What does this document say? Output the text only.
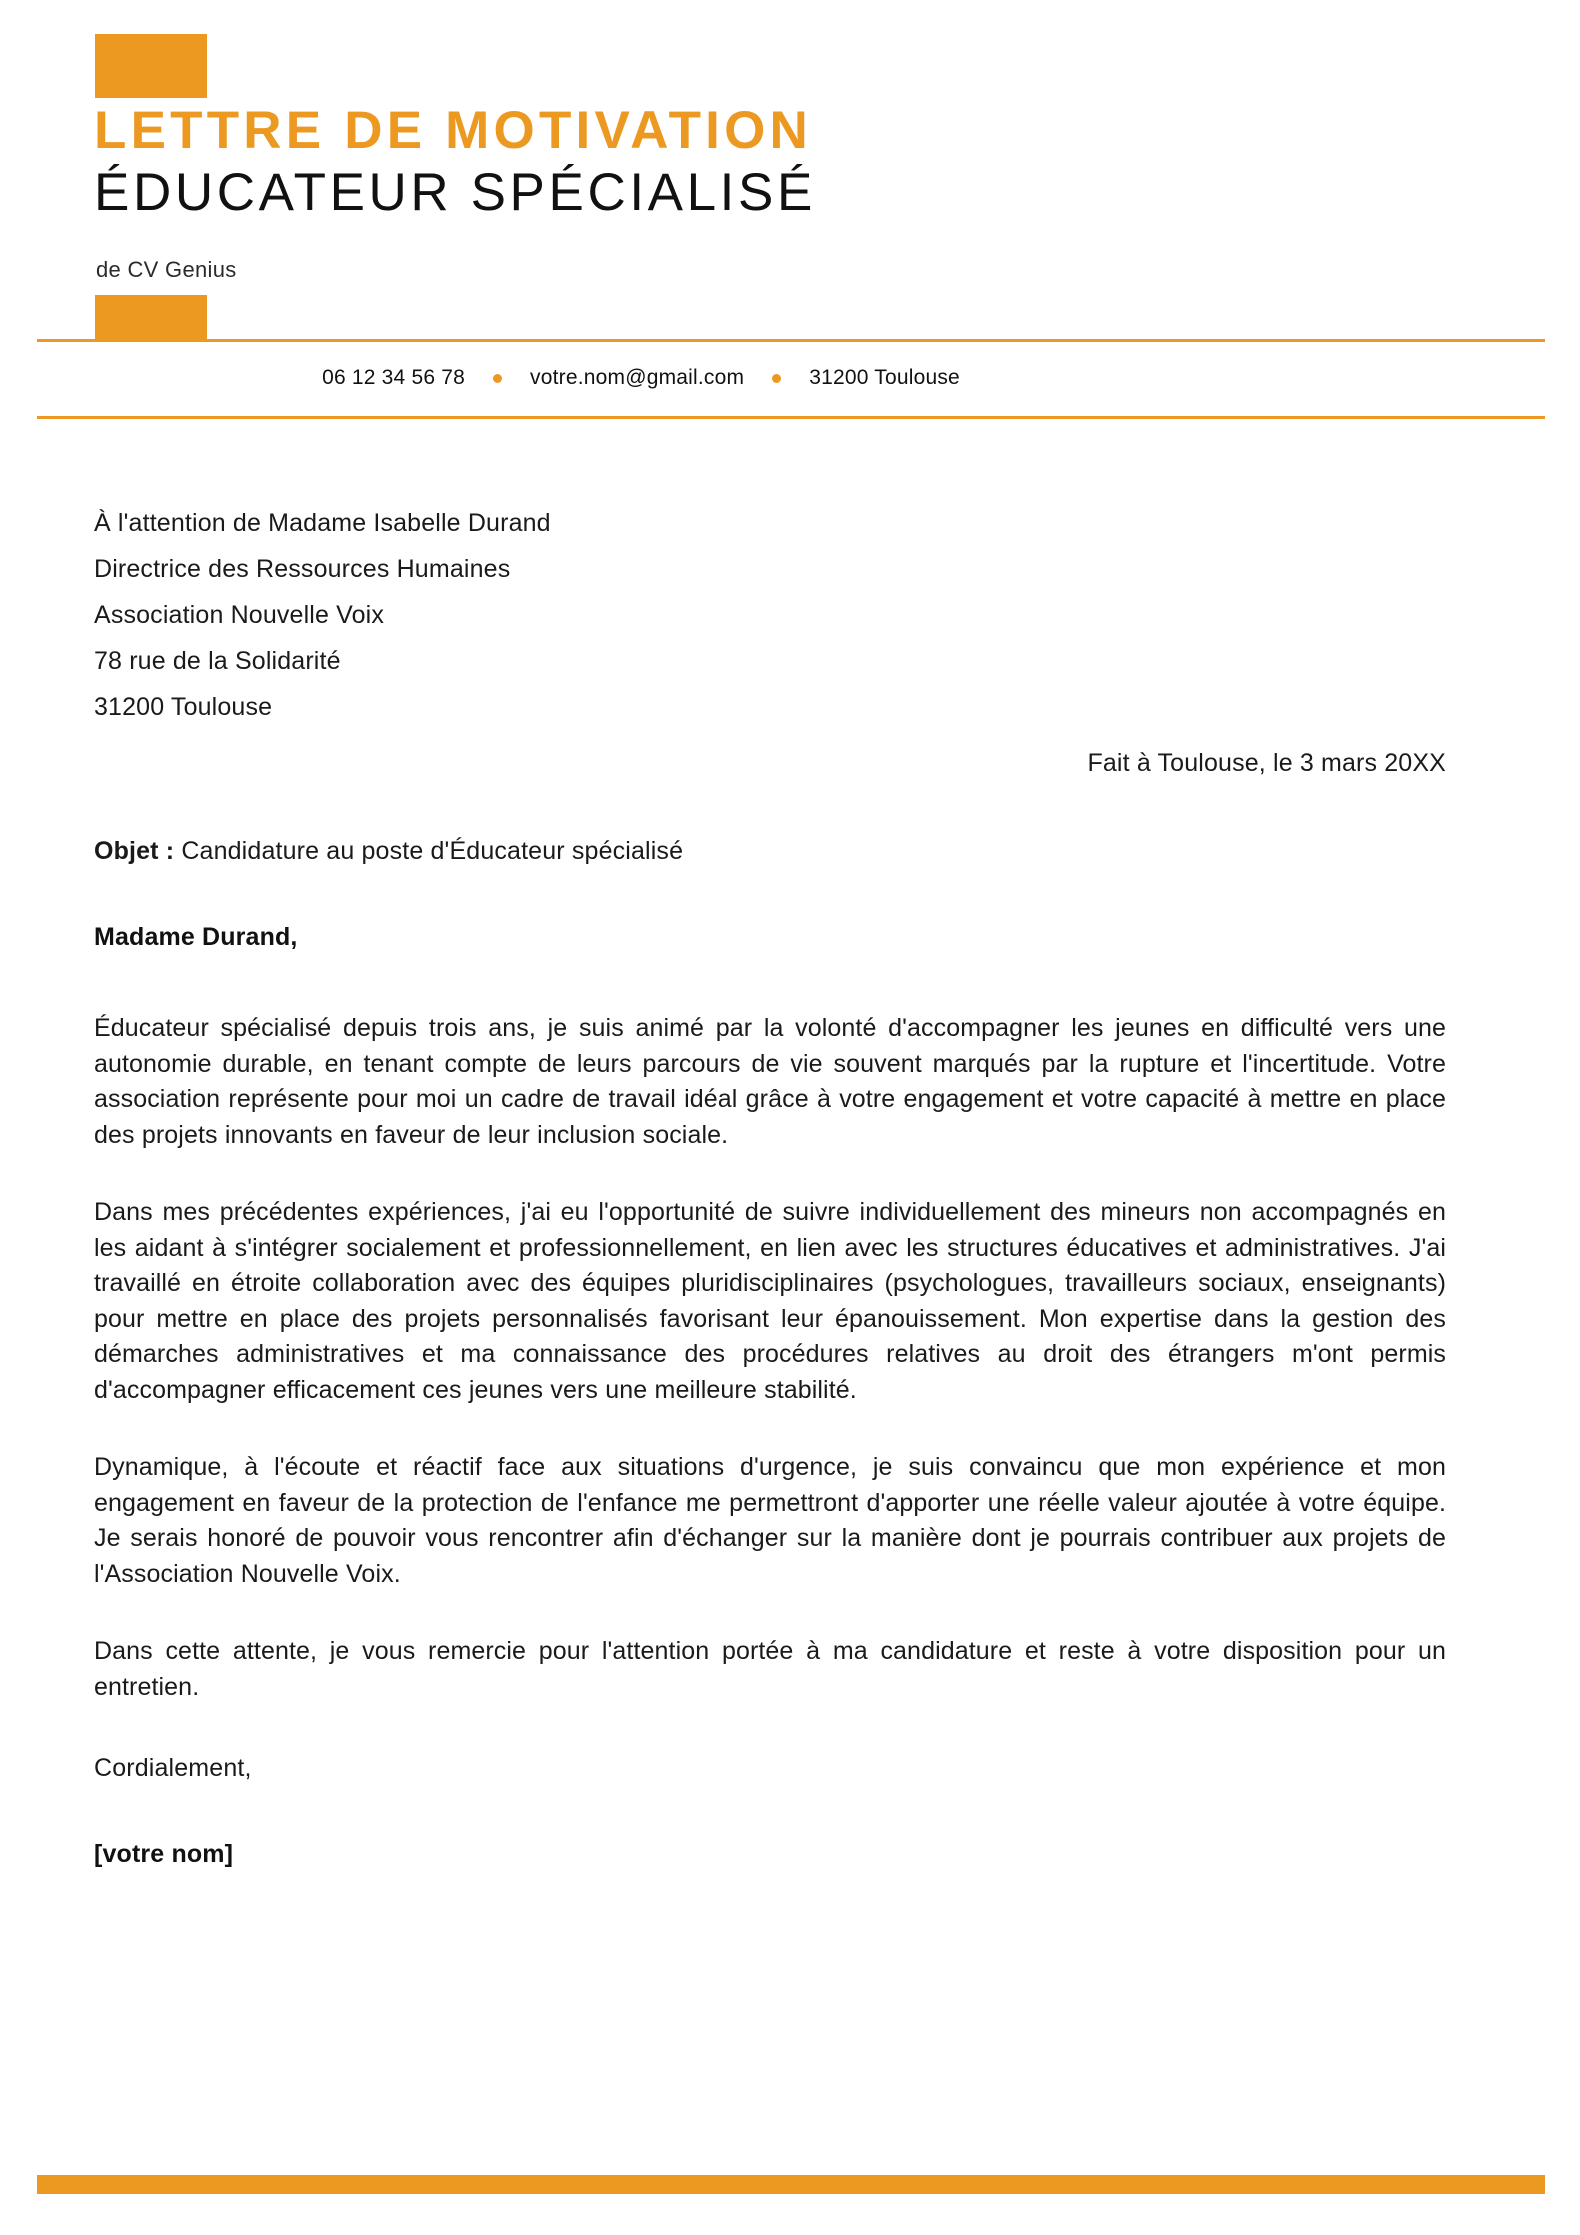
LETTRE DE MOTIVATION
ÉDUCATEUR SPÉCIALISÉ
de CV Genius
06 12 34 56 78	votre.nom@gmail.com	31200 Toulouse
À l'attention de Madame Isabelle Durand
Directrice des Ressources Humaines
Association Nouvelle Voix
78 rue de la Solidarité
31200 Toulouse
Fait à Toulouse, le 3 mars 20XX
Objet : Candidature au poste d'Éducateur spécialisé
Madame Durand,
Éducateur spécialisé depuis trois ans, je suis animé par la volonté d'accompagner les jeunes en difficulté vers une autonomie durable, en tenant compte de leurs parcours de vie souvent marqués par la rupture et l'incertitude. Votre association représente pour moi un cadre de travail idéal grâce à votre engagement et votre capacité à mettre en place des projets innovants en faveur de leur inclusion sociale.
Dans mes précédentes expériences, j'ai eu l'opportunité de suivre individuellement des mineurs non accompagnés en les aidant à s'intégrer socialement et professionnellement, en lien avec les structures éducatives et administratives. J'ai travaillé en étroite collaboration avec des équipes pluridisciplinaires (psychologues, travailleurs sociaux, enseignants) pour mettre en place des projets personnalisés favorisant leur épanouissement. Mon expertise dans la gestion des démarches administratives et ma connaissance des procédures relatives au droit des étrangers m'ont permis d'accompagner efficacement ces jeunes vers une meilleure stabilité.
Dynamique, à l'écoute et réactif face aux situations d'urgence, je suis convaincu que mon expérience et mon engagement en faveur de la protection de l'enfance me permettront d'apporter une réelle valeur ajoutée à votre équipe. Je serais honoré de pouvoir vous rencontrer afin d'échanger sur la manière dont je pourrais contribuer aux projets de l'Association Nouvelle Voix.
Dans cette attente, je vous remercie pour l'attention portée à ma candidature et reste à votre disposition pour un entretien.
Cordialement,
[votre nom]
